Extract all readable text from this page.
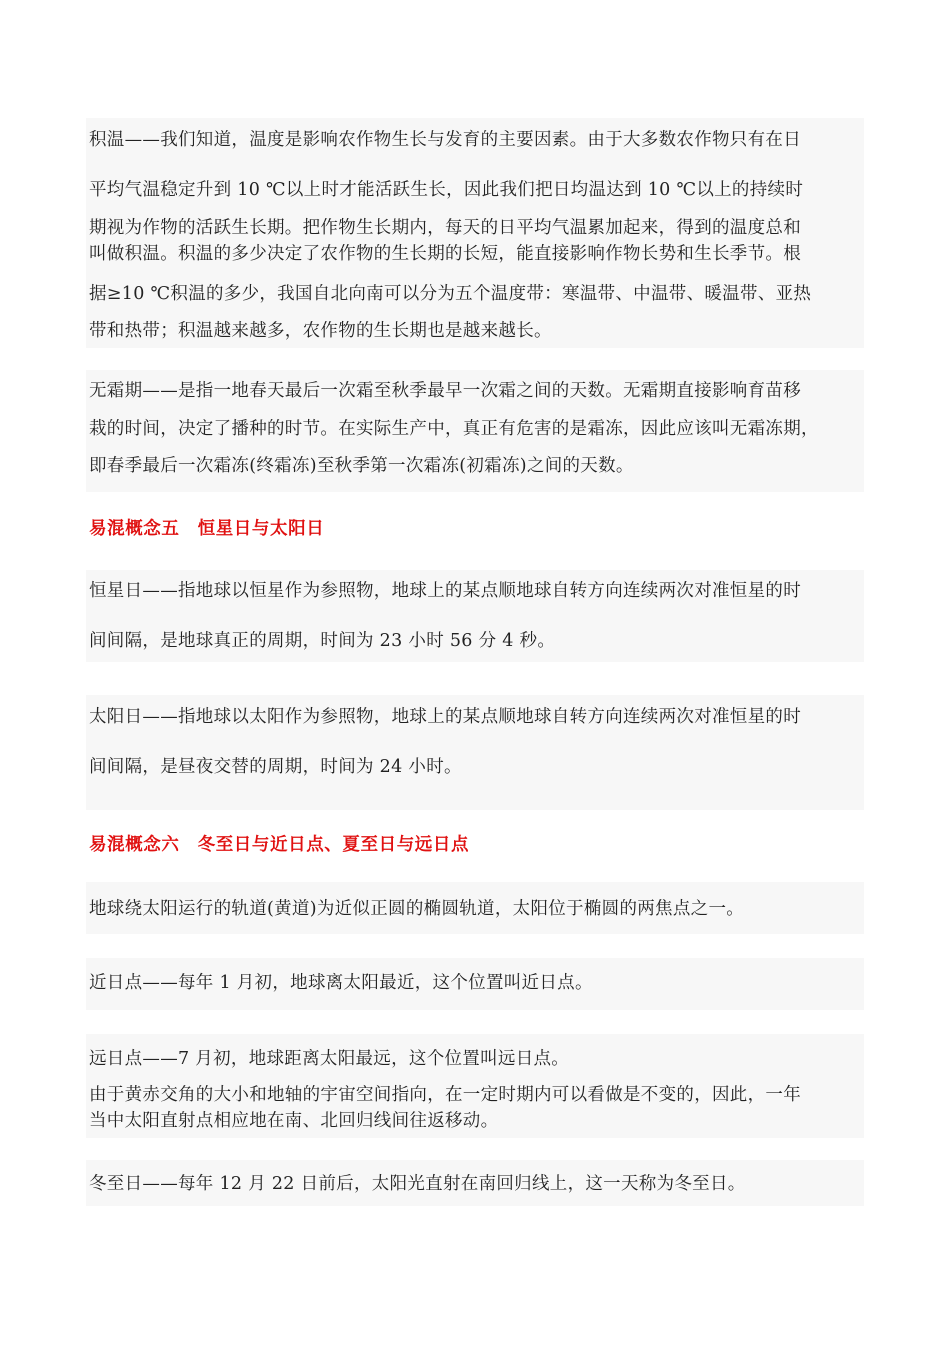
积温——我们知道，温度是影响农作物生长与发育的主要因素。由于大多数农作物只有在日
平均气温稳定升到 10 ℃以上时才能活跃生长，因此我们把日均温达到 10 ℃以上的持续时
期视为作物的活跃生长期。把作物生长期内，每天的日平均气温累加起来，得到的温度总和
叫做积温。积温的多少决定了农作物的生长期的长短，能直接影响作物长势和生长季节。根
据≥10 ℃积温的多少，我国自北向南可以分为五个温度带：寒温带、中温带、暖温带、亚热
带和热带；积温越来越多，农作物的生长期也是越来越长。
无霜期——是指一地春天最后一次霜至秋季最早一次霜之间的天数。无霜期直接影响育苗移
栽的时间，决定了播种的时节。在实际生产中，真正有危害的是霜冻，因此应该叫无霜冻期，
即春季最后一次霜冻(终霜冻)至秋季第一次霜冻(初霜冻)之间的天数。
易混概念五　恒星日与太阳日
恒星日——指地球以恒星作为参照物，地球上的某点顺地球自转方向连续两次对准恒星的时
间间隔，是地球真正的周期，时间为 23 小时 56 分 4 秒。
太阳日——指地球以太阳作为参照物，地球上的某点顺地球自转方向连续两次对准恒星的时
间间隔，是昼夜交替的周期，时间为 24 小时。
易混概念六　冬至日与近日点、夏至日与远日点
地球绕太阳运行的轨道(黄道)为近似正圆的椭圆轨道，太阳位于椭圆的两焦点之一。
近日点——每年 1 月初，地球离太阳最近，这个位置叫近日点。
远日点——7 月初，地球距离太阳最远，这个位置叫远日点。
由于黄赤交角的大小和地轴的宇宙空间指向，在一定时期内可以看做是不变的，因此，一年
当中太阳直射点相应地在南、北回归线间往返移动。
冬至日——每年 12 月 22 日前后，太阳光直射在南回归线上，这一天称为冬至日。
